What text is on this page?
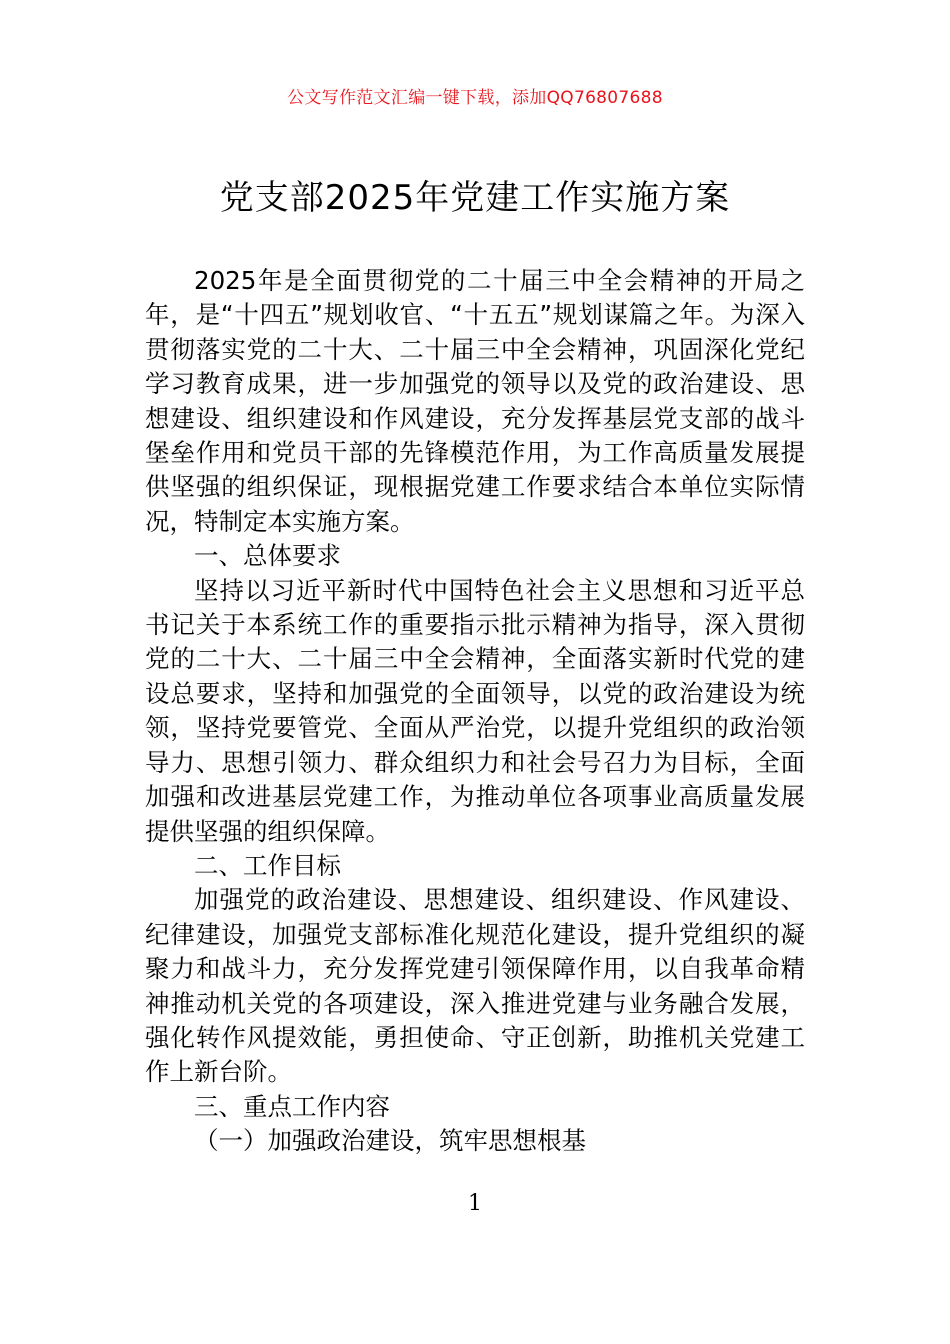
公文写作范文汇编一键下载，添加QQ76807688
党支部2025年党建工作实施方案

2025年是全面贯彻党的二十届三中全会精神的开局之年，是“十四五”规划收官、“十五五”规划谋篇之年。为深入贯彻落实党的二十大、二十届三中全会精神，巩固深化党纪学习教育成果，进一步加强党的领导以及党的政治建设、思想建设、组织建设和作风建设，充分发挥基层党支部的战斗堡垒作用和党员干部的先锋模范作用，为工作高质量发展提供坚强的组织保证，现根据党建工作要求结合本单位实际情况，特制定本实施方案。

一、总体要求

坚持以习近平新时代中国特色社会主义思想和习近平总书记关于本系统工作的重要指示批示精神为指导，深入贯彻党的二十大、二十届三中全会精神，全面落实新时代党的建设总要求，坚持和加强党的全面领导，以党的政治建设为统领，坚持党要管党、全面从严治党，以提升党组织的政治领导力、思想引领力、群众组织力和社会号召力为目标，全面加强和改进基层党建工作，为推动单位各项事业高质量发展提供坚强的组织保障。

二、工作目标

加强党的政治建设、思想建设、组织建设、作风建设、纪律建设，加强党支部标准化规范化建设，提升党组织的凝聚力和战斗力，充分发挥党建引领保障作用，以自我革命精神推动机关党的各项建设，深入推进党建与业务融合发展，强化转作风提效能，勇担使命、守正创新，助推机关党建工作上新台阶。

三、重点工作内容

（一）加强政治建设，筑牢思想根基

1
